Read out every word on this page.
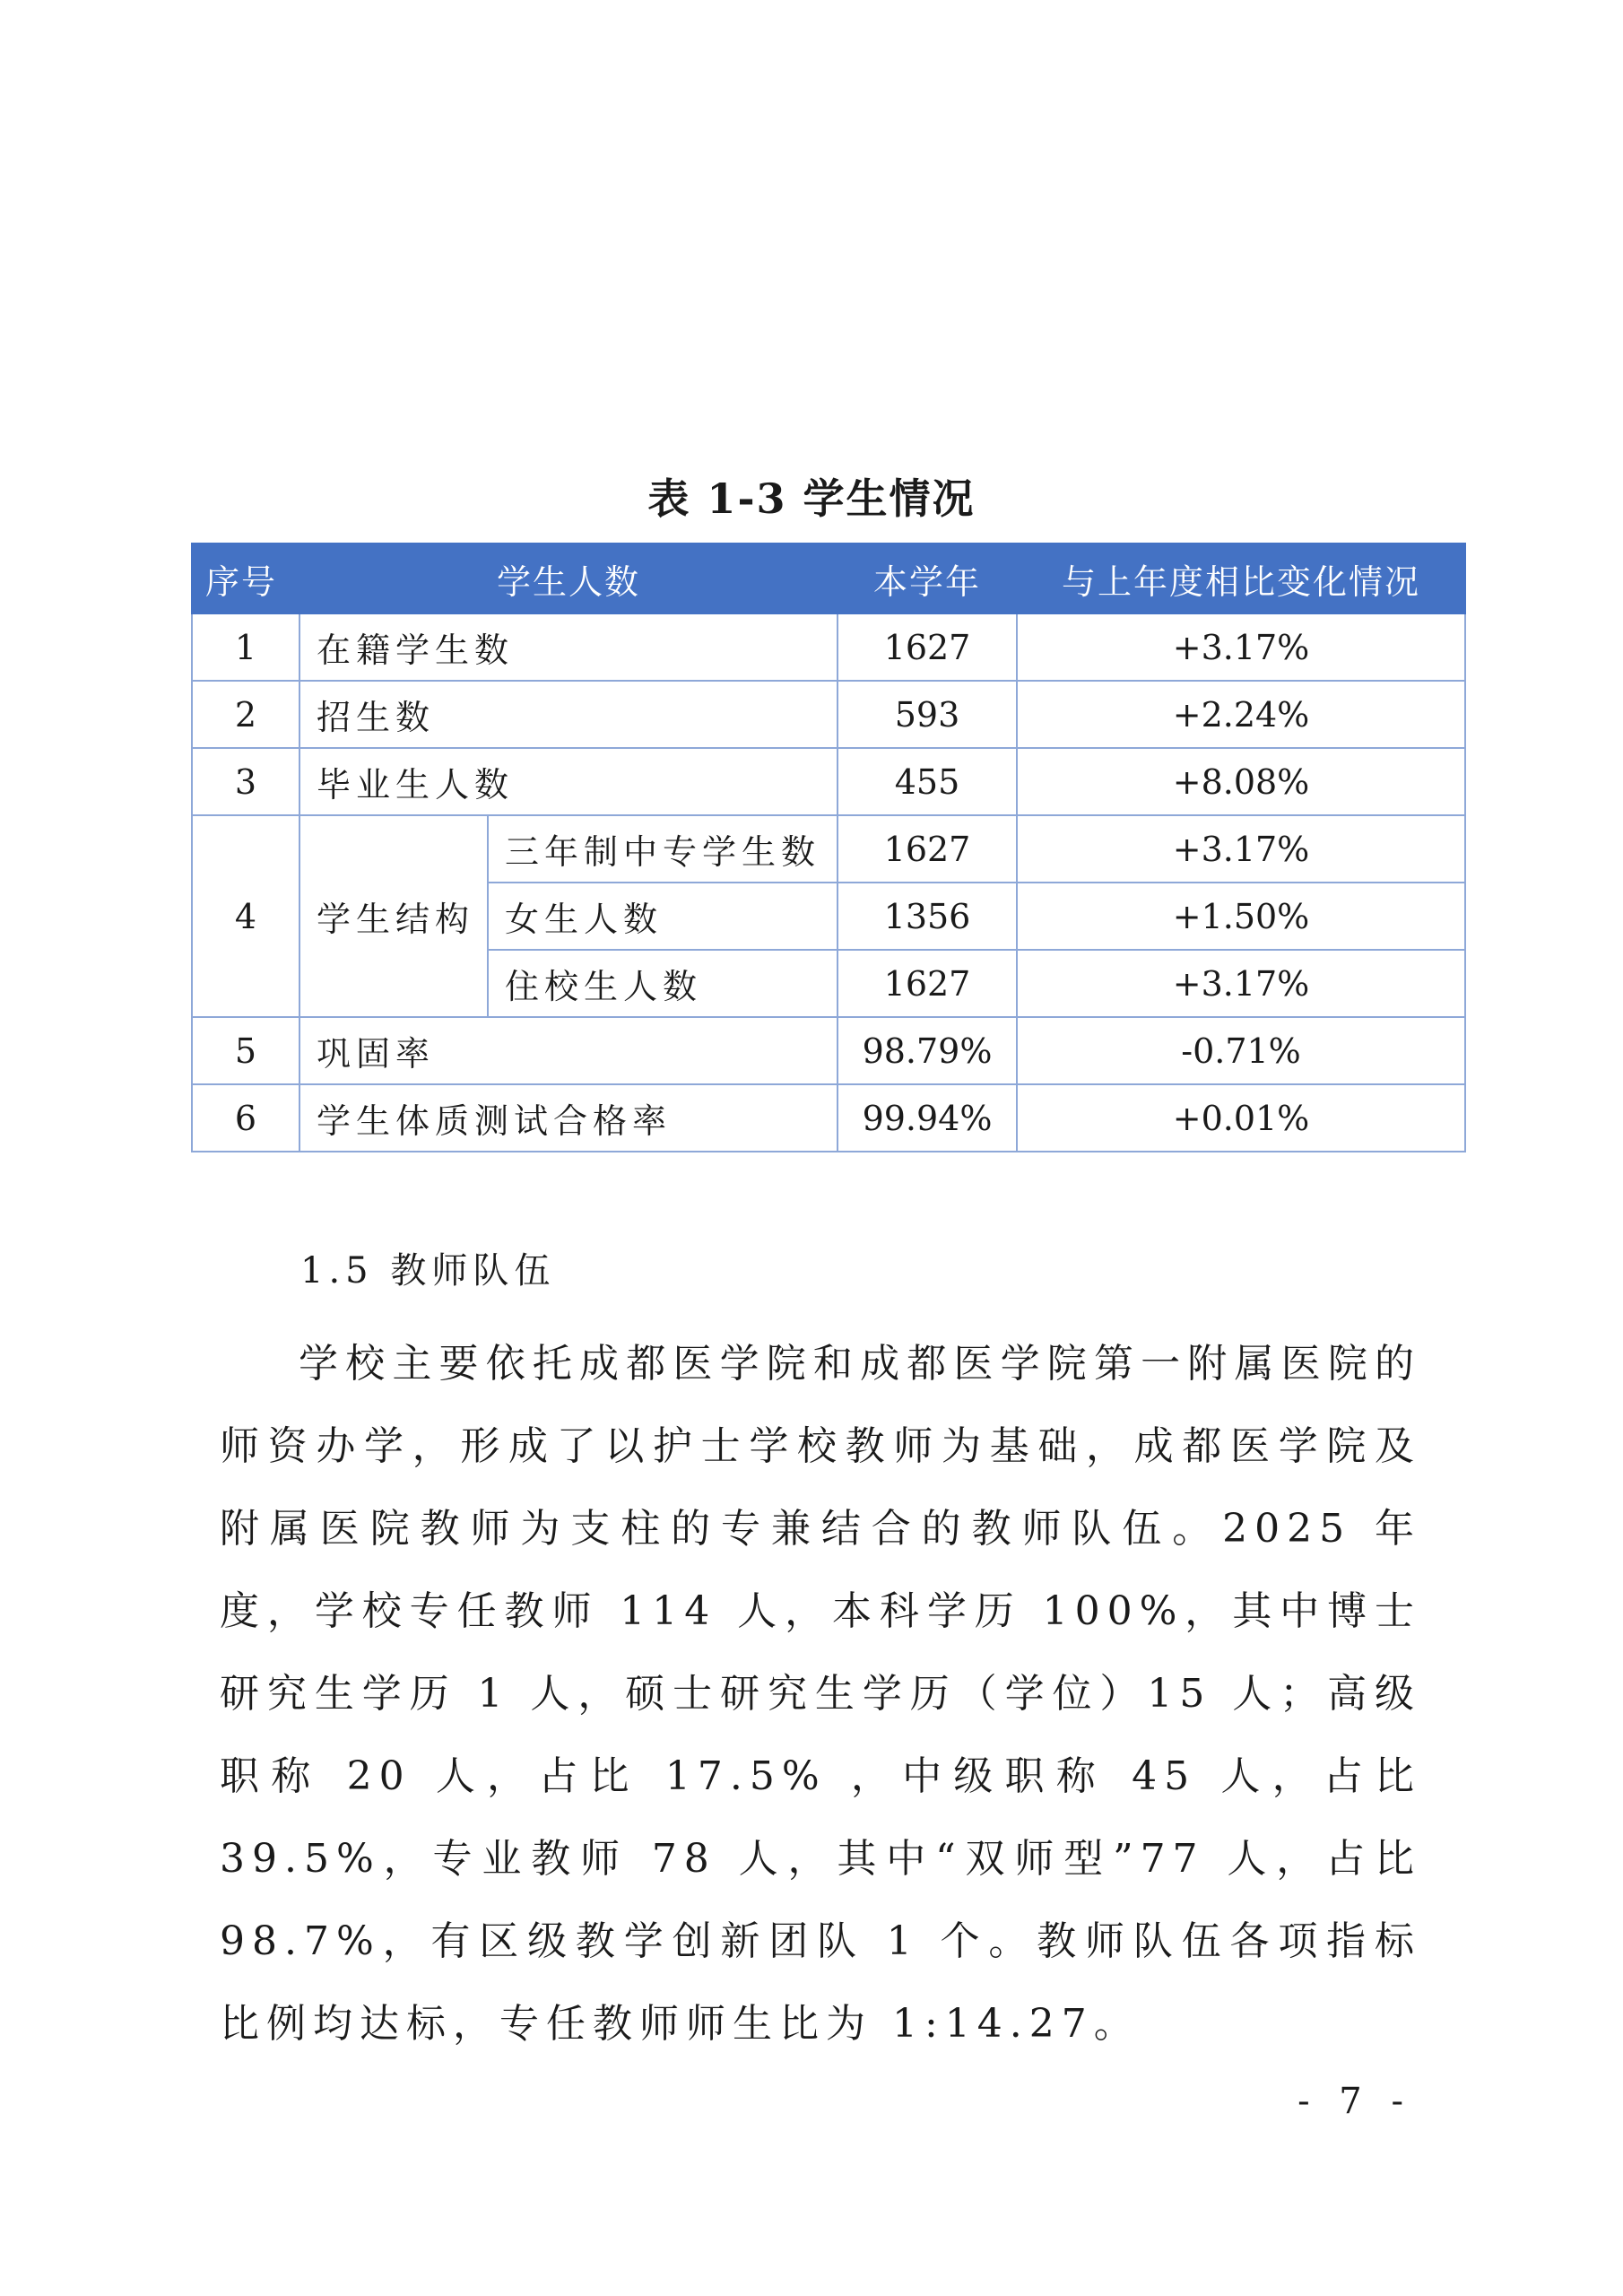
表 1-3 学生情况
序号	学生人数		本学年	与上年度相比变化情况
1	在籍学生数		1627	+3.17%
2	招生数		593	+2.24%
3	毕业生人数		455	+8.08%
4	学生结构	三年制中专学生数	1627	+3.17%
		女生人数	1356	+1.50%
		住校生人数	1627	+3.17%
5	巩固率		98.79%	-0.71%
6	学生体质测试合格率		99.94%	+0.01%
1.5 教师队伍

学校主要依托成都医学院和成都医学院第一附属医院的师资办学，形成了以护士学校教师为基础，成都医学院及附属医院教师为支柱的专兼结合的教师队伍。2025 年度，学校专任教师 114 人，本科学历 100%，其中博士研究生学历 1 人，硕士研究生学历（学位）15 人；高级职称 20 人，占比 17.5% ，中级职称 45 人，占比 39.5%，专业教师 78 人，其中“双师型”77 人，占比 98.7%，有区级教学创新团队 1 个。教师队伍各项指标比例均达标，专任教师师生比为 1:14.27。

- 7 -
